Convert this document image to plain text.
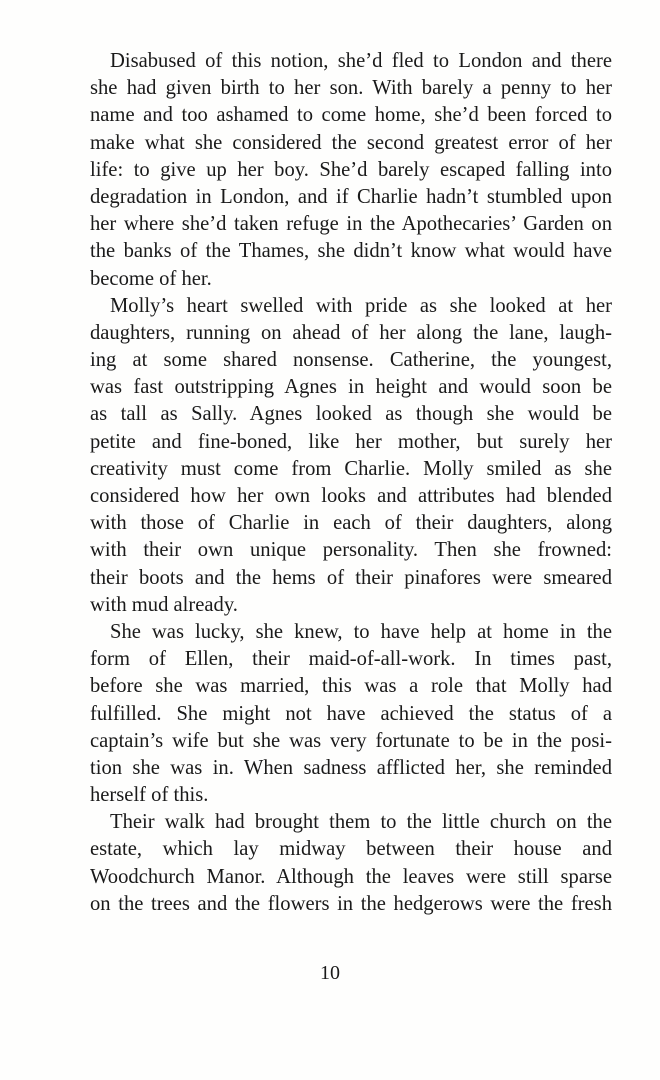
Disabused of this notion, she’d fled to London and there
she had given birth to her son. With barely a penny to her
name and too ashamed to come home, she’d been forced to
make what she considered the second greatest error of her
life: to give up her boy. She’d barely escaped falling into
degradation in London, and if Charlie hadn’t stumbled upon
her where she’d taken refuge in the Apothecaries’ Garden on
the banks of the Thames, she didn’t know what would have
become of her.
Molly’s heart swelled with pride as she looked at her
daughters, running on ahead of her along the lane, laugh-
ing at some shared nonsense. Catherine, the youngest,
was fast outstripping Agnes in height and would soon be
as tall as Sally. Agnes looked as though she would be
petite and fine-boned, like her mother, but surely her
creativity must come from Charlie. Molly smiled as she
considered how her own looks and attributes had blended
with those of Charlie in each of their daughters, along
with their own unique personality. Then she frowned:
their boots and the hems of their pinafores were smeared
with mud already.
She was lucky, she knew, to have help at home in the
form of Ellen, their maid-of-all-work. In times past,
before she was married, this was a role that Molly had
fulfilled. She might not have achieved the status of a
captain’s wife but she was very fortunate to be in the posi-
tion she was in. When sadness afflicted her, she reminded
herself of this.
Their walk had brought them to the little church on the
estate, which lay midway between their house and
Woodchurch Manor. Although the leaves were still sparse
on the trees and the flowers in the hedgerows were the fresh
10
